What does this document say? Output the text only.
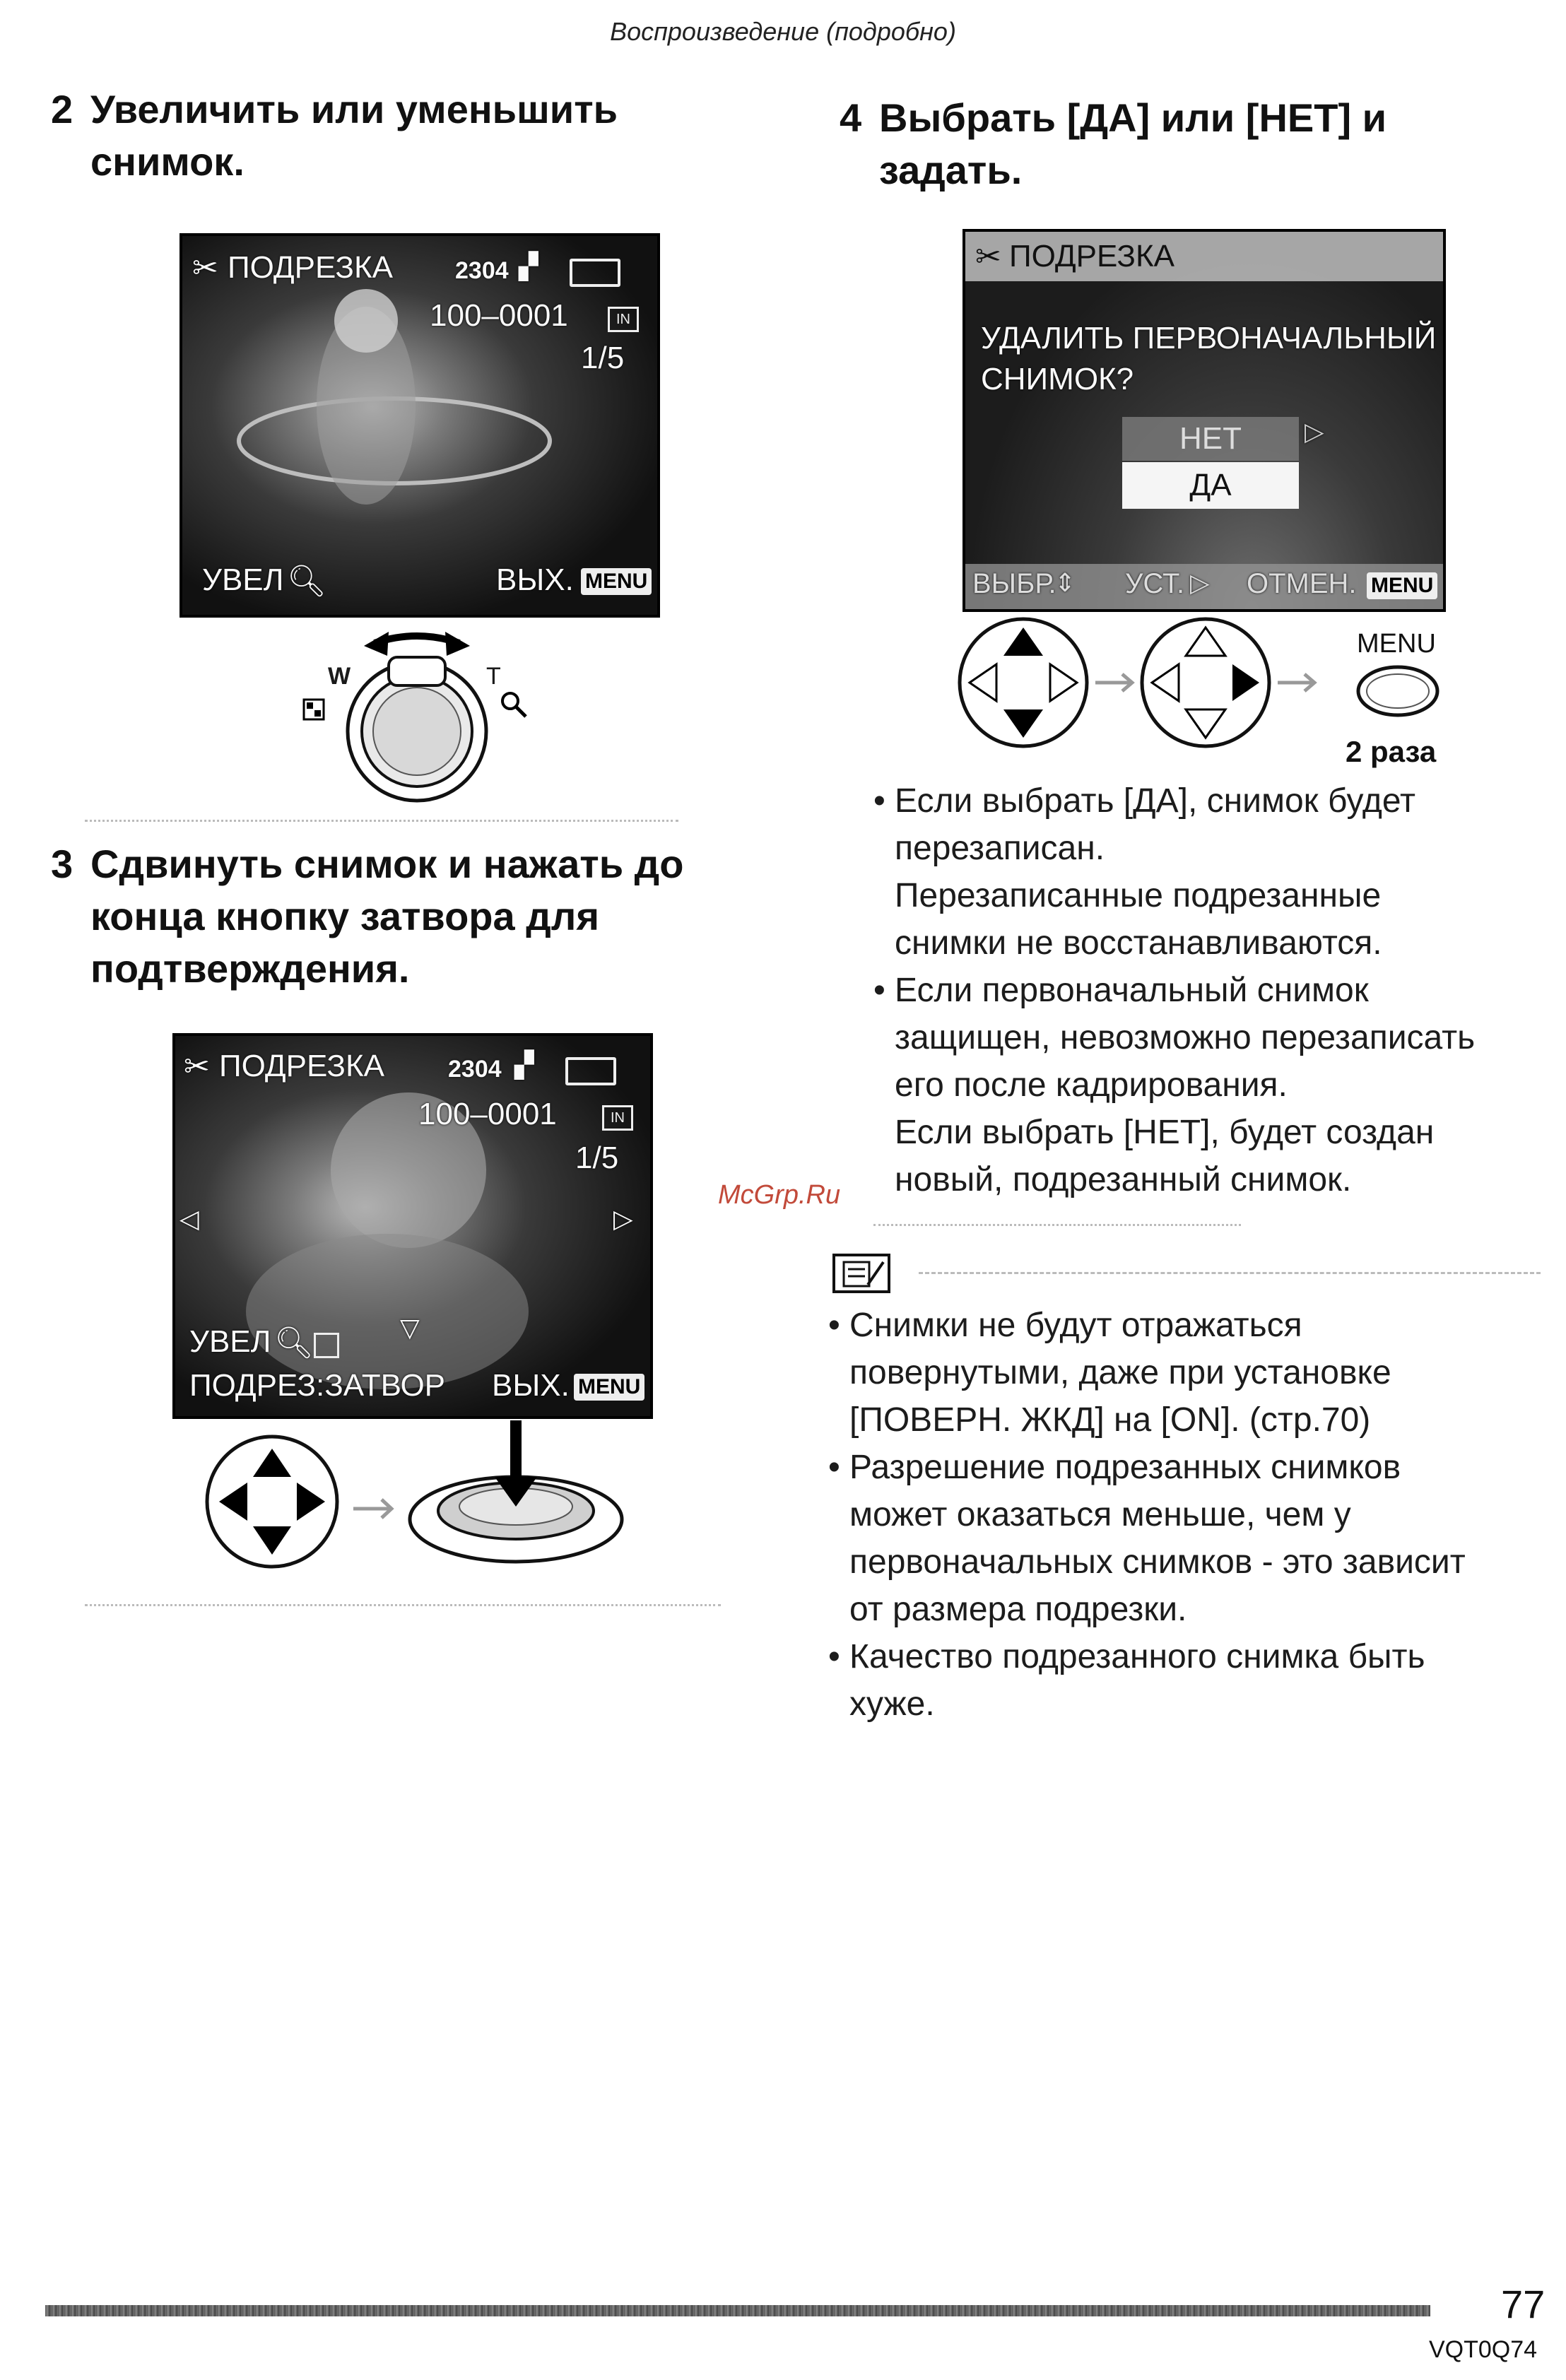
Воспроизведение (подробно)
2 Увеличить или уменьшить
снимок.
✂ ПОДРЕЗКА	2304 ▞
100–0001	IN
1/5
УВЕЛ 🔍︎	ВЫХ. MENU
W	T
3 Сдвинуть снимок и нажать до
конца кнопку затвора для
подтверждения.
✂ ПОДРЕЗКА	2304 ▞
100–0001	IN
1/5
◁	▷
▽
УВЕЛ 🔍︎
ПОДРЕЗ:ЗАТВОР ВЫХ. MENU
4 Выбрать [ДА] или [НЕТ] и
задать.
✂ ПОДРЕЗКА
УДАЛИТЬ ПЕРВОНАЧАЛЬНЫЙ
СНИМОК?
НЕТ	▷
ДА
ВЫБР.
⇕ УСТ. ▷ ОТМЕН. MENU
MENU
2 раза
• Если выбрать [ДА], снимок будет
перезаписан.
Перезаписанные подрезанные
снимки не восстанавливаются.
• Если первоначальный снимок
защищен, невозможно перезаписать
его после кадрирования.
Если выбрать [НЕТ], будет создан
новый, подрезанный снимок.
McGrp.Ru
• Снимки не будут отражаться
повернутыми, даже при установке
[ПОВЕРН. ЖКД] на [ON]. (стр.70)
• Разрешение подрезанных снимков
может оказаться меньше, чем у
первоначальных снимков - это зависит
от размера подрезки.
• Качество подрезанного снимка быть
хуже.
77
VQT0Q74
